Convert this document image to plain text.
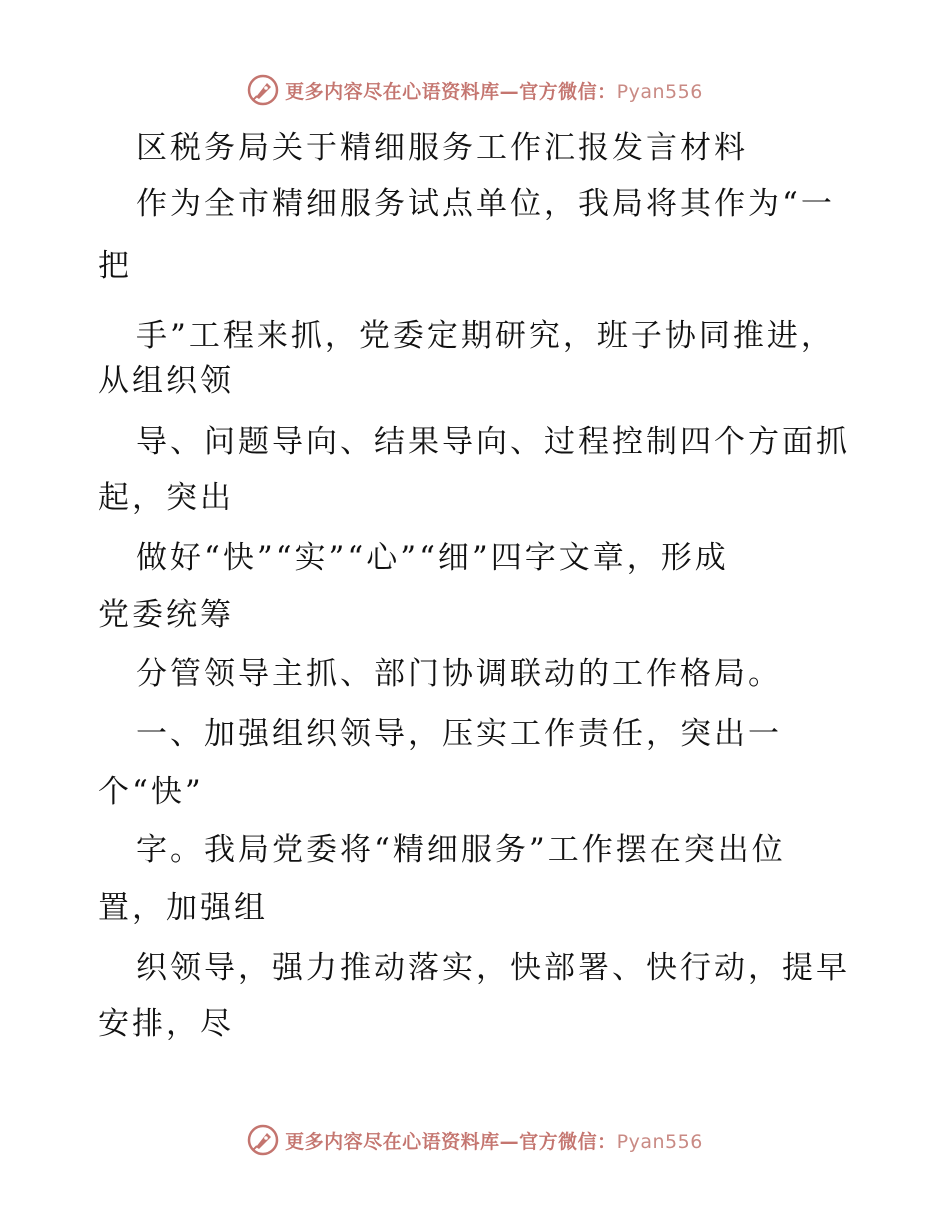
更多内容尽在心语资料库—官方微信：Pyan556
区税务局关于精细服务工作汇报发言材料
作为全市精细服务试点单位，我局将其作为“一
把
手”工程来抓，党委定期研究，班子协同推进，
从组织领
导、问题导向、结果导向、过程控制四个方面抓
起，突出
做好“快”“实”“心”“细”四字文章，形成
党委统筹
分管领导主抓、部门协调联动的工作格局。
一、加强组织领导，压实工作责任，突出一
个“快”
字。我局党委将“精细服务”工作摆在突出位
置，加强组
织领导，强力推动落实，快部署、快行动，提早
安排，尽
更多内容尽在心语资料库—官方微信：Pyan556
